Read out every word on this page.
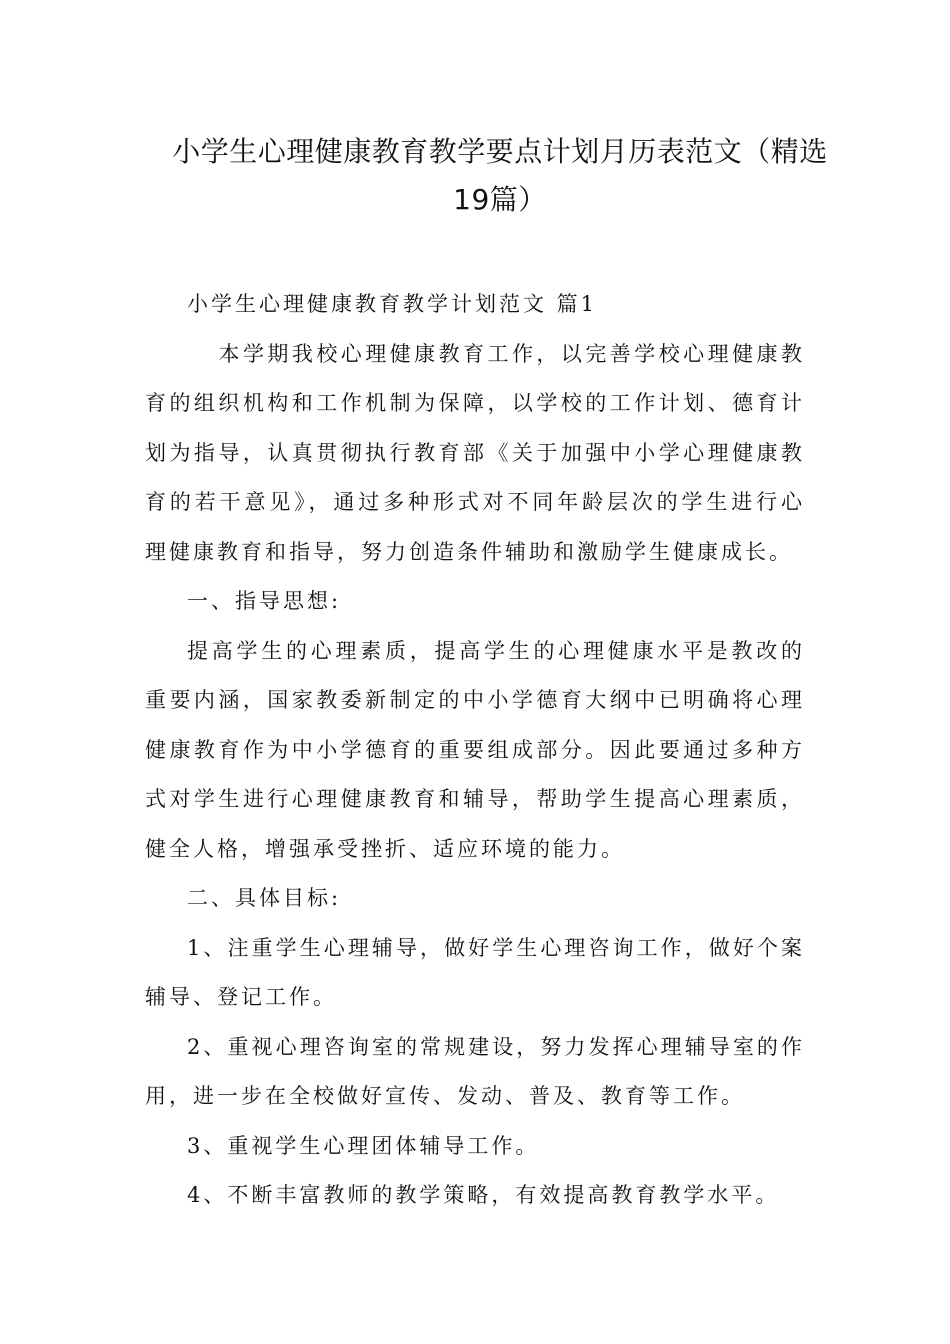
小学生心理健康教育教学要点计划月历表范文（精选
19篇）

小学生心理健康教育教学计划范文 篇1

本学期我校心理健康教育工作，以完善学校心理健康教育的组织机构和工作机制为保障，以学校的工作计划、德育计划为指导，认真贯彻执行教育部《关于加强中小学心理健康教育的若干意见》，通过多种形式对不同年龄层次的学生进行心理健康教育和指导，努力创造条件辅助和激励学生健康成长。

一、指导思想:

提高学生的心理素质，提高学生的心理健康水平是教改的重要内涵，国家教委新制定的中小学德育大纲中已明确将心理健康教育作为中小学德育的重要组成部分。因此要通过多种方式对学生进行心理健康教育和辅导，帮助学生提高心理素质，健全人格，增强承受挫折、适应环境的能力。

二、具体目标:

1、注重学生心理辅导，做好学生心理咨询工作，做好个案辅导、登记工作。

2、重视心理咨询室的常规建设，努力发挥心理辅导室的作用，进一步在全校做好宣传、发动、普及、教育等工作。

3、重视学生心理团体辅导工作。

4、不断丰富教师的教学策略，有效提高教育教学水平。
